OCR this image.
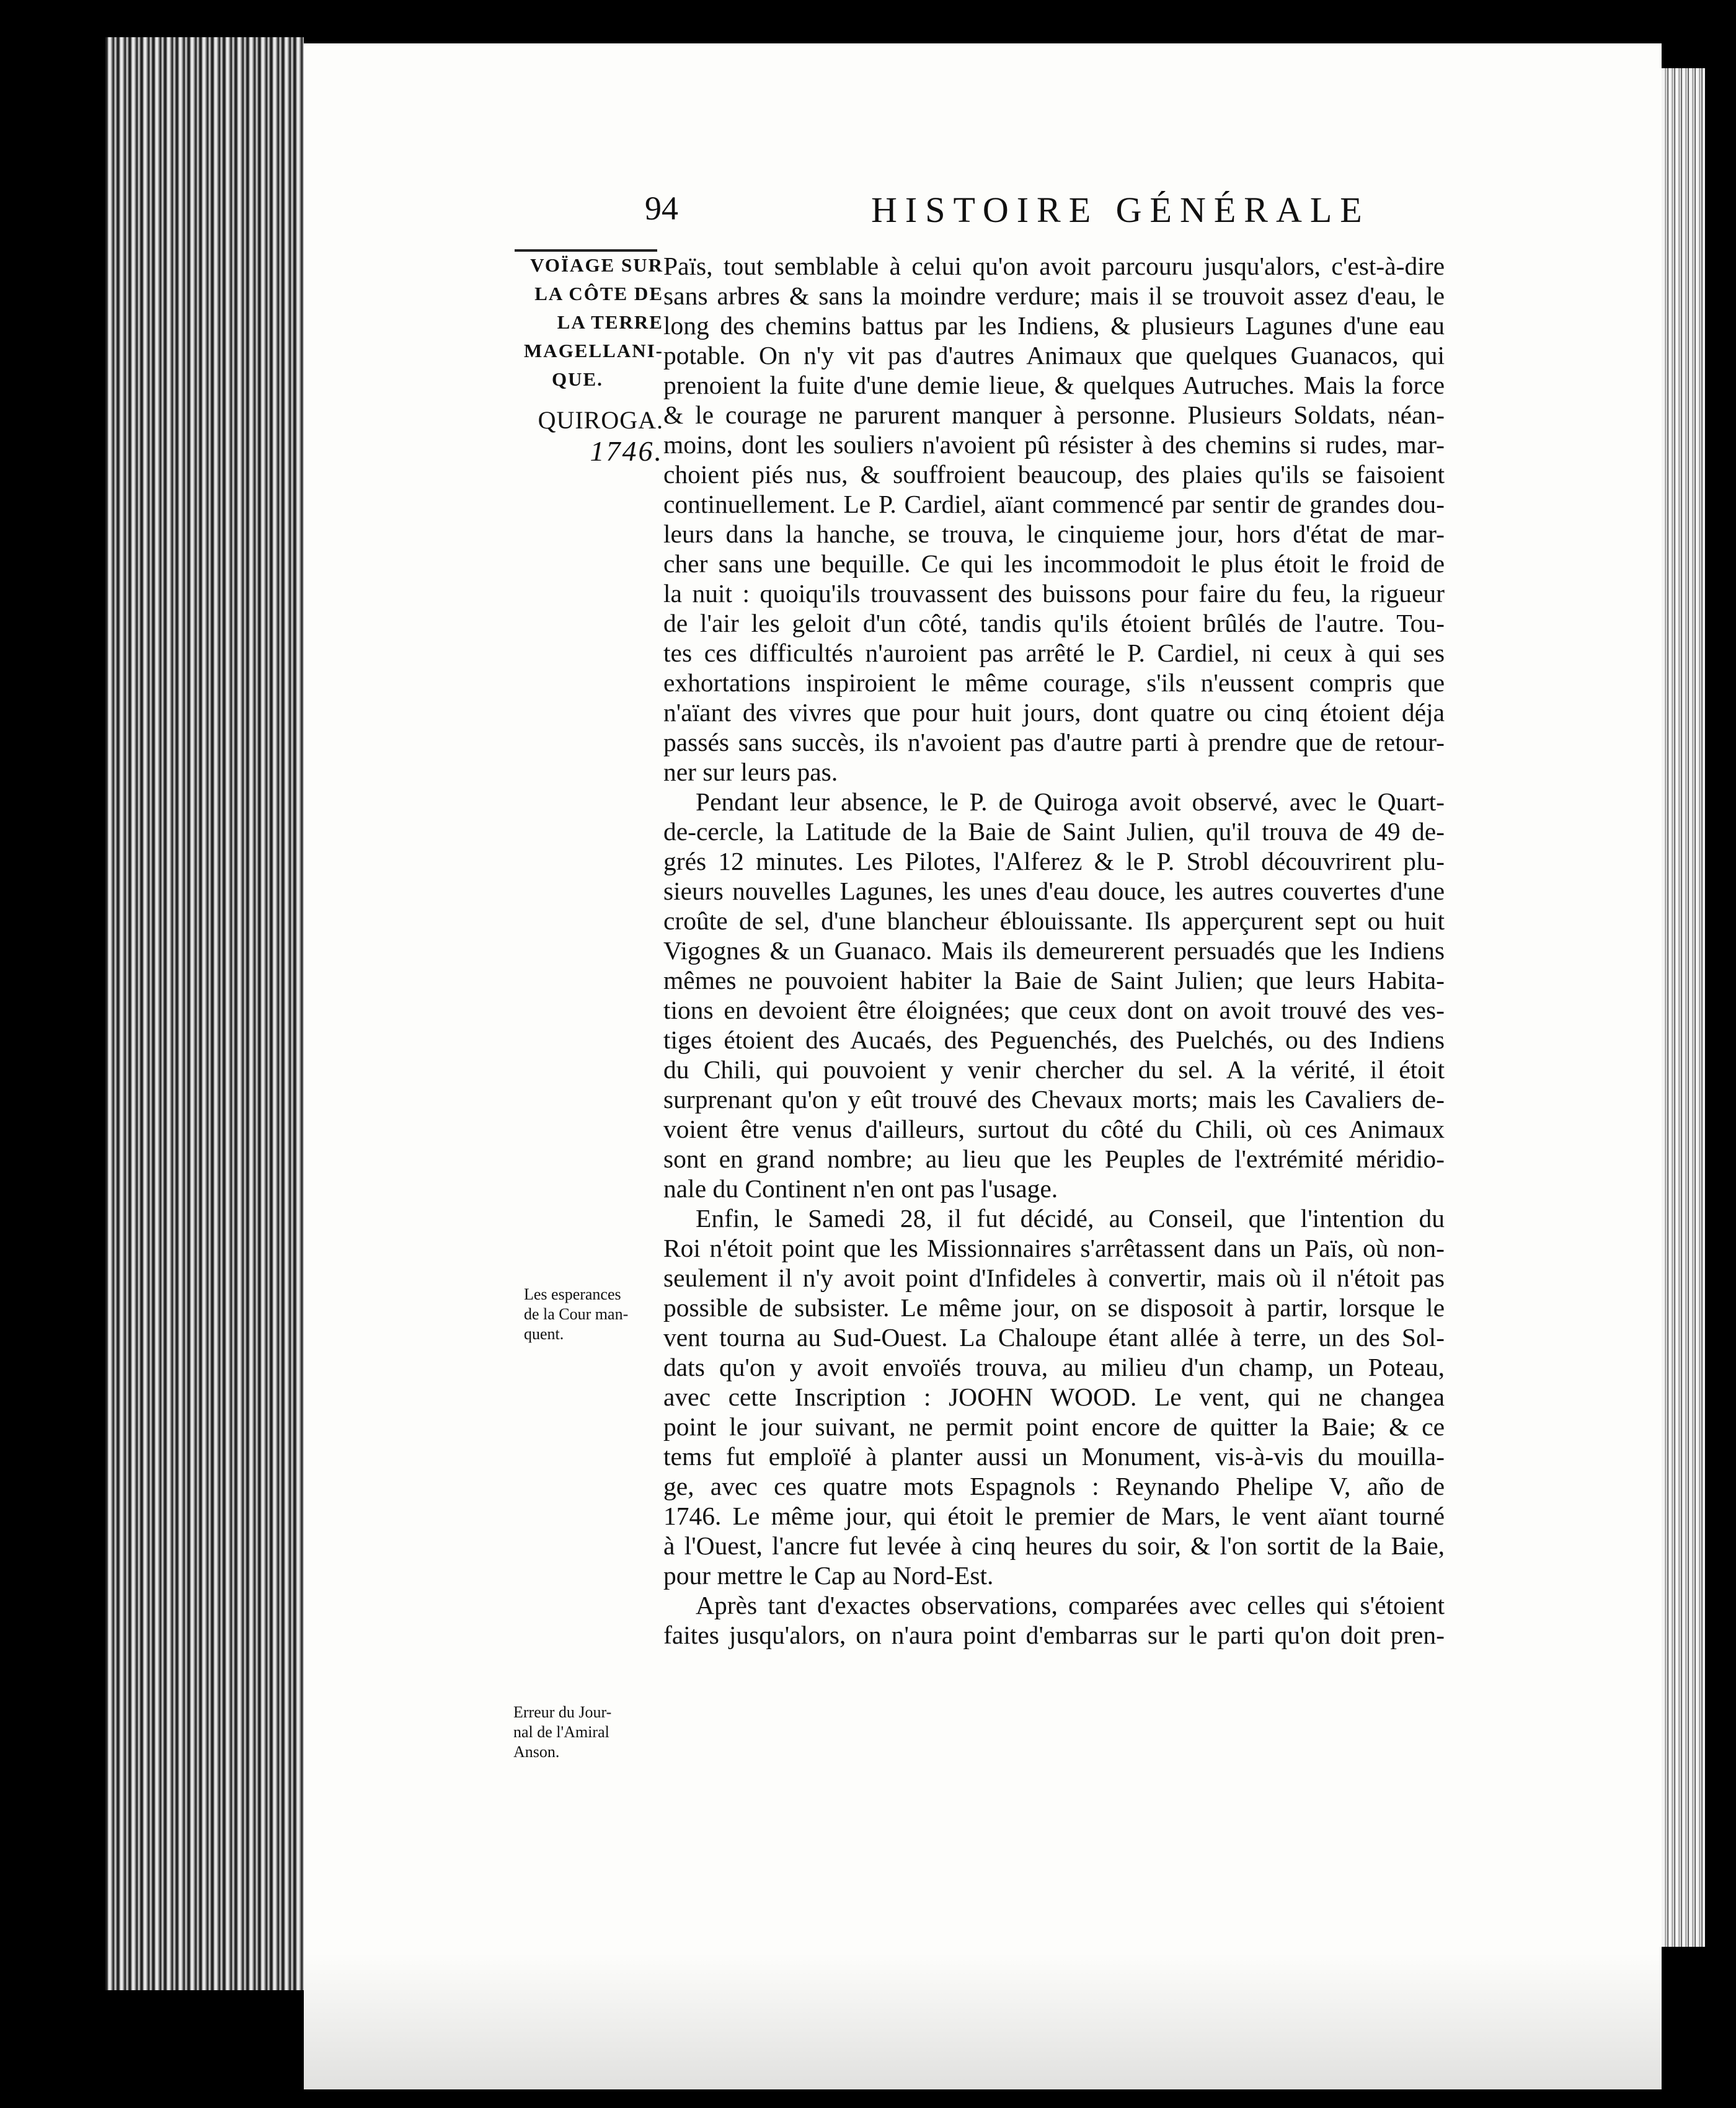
94	HISTOIRE GÉNÉRALE
VOÏAGE SUR
LA CÔTE DE
LA TERRE
MAGELLANI-
QUE.
QUIROGA.
1746.
Les esperances
de la Cour man-
quent.
Erreur du Jour-
nal de l'Amiral
Anson.
Païs, tout semblable à celui qu'on avoit parcouru jusqu'alors, c'est-à-dire
sans arbres & sans la moindre verdure; mais il se trouvoit assez d'eau, le
long des chemins battus par les Indiens, & plusieurs Lagunes d'une eau
potable. On n'y vit pas d'autres Animaux que quelques Guanacos, qui
prenoient la fuite d'une demie lieue, & quelques Autruches. Mais la force
& le courage ne parurent manquer à personne. Plusieurs Soldats, néan-
moins, dont les souliers n'avoient pû résister à des chemins si rudes, mar-
choient piés nus, & souffroient beaucoup, des plaies qu'ils se faisoient
continuellement. Le P. Cardiel, aïant commencé par sentir de grandes dou-
leurs dans la hanche, se trouva, le cinquieme jour, hors d'état de mar-
cher sans une bequille. Ce qui les incommodoit le plus étoit le froid de
la nuit : quoiqu'ils trouvassent des buissons pour faire du feu, la rigueur
de l'air les geloit d'un côté, tandis qu'ils étoient brûlés de l'autre. Tou-
tes ces difficultés n'auroient pas arrêté le P. Cardiel, ni ceux à qui ses
exhortations inspiroient le même courage, s'ils n'eussent compris que
n'aïant des vivres que pour huit jours, dont quatre ou cinq étoient déja
passés sans succès, ils n'avoient pas d'autre parti à prendre que de retour-
ner sur leurs pas.
Pendant leur absence, le P. de Quiroga avoit observé, avec le Quart-
de-cercle, la Latitude de la Baie de Saint Julien, qu'il trouva de 49 de-
grés 12 minutes. Les Pilotes, l'Alferez & le P. Strobl découvrirent plu-
sieurs nouvelles Lagunes, les unes d'eau douce, les autres couvertes d'une
croûte de sel, d'une blancheur éblouissante. Ils apperçurent sept ou huit
Vigognes & un Guanaco. Mais ils demeurerent persuadés que les Indiens
mêmes ne pouvoient habiter la Baie de Saint Julien; que leurs Habita-
tions en devoient être éloignées; que ceux dont on avoit trouvé des ves-
tiges étoient des Aucaés, des Peguenchés, des Puelchés, ou des Indiens
du Chili, qui pouvoient y venir chercher du sel. A la vérité, il étoit
surprenant qu'on y eût trouvé des Chevaux morts; mais les Cavaliers de-
voient être venus d'ailleurs, surtout du côté du Chili, où ces Animaux
sont en grand nombre; au lieu que les Peuples de l'extrémité méridio-
nale du Continent n'en ont pas l'usage.
Enfin, le Samedi 28, il fut décidé, au Conseil, que l'intention du
Roi n'étoit point que les Missionnaires s'arrêtassent dans un Païs, où non-
seulement il n'y avoit point d'Infideles à convertir, mais où il n'étoit pas
possible de subsister. Le même jour, on se disposoit à partir, lorsque le
vent tourna au Sud-Ouest. La Chaloupe étant allée à terre, un des Sol-
dats qu'on y avoit envoïés trouva, au milieu d'un champ, un Poteau,
avec cette Inscription : JOOHN WOOD. Le vent, qui ne changea
point le jour suivant, ne permit point encore de quitter la Baie; & ce
tems fut emploïé à planter aussi un Monument, vis-à-vis du mouilla-
ge, avec ces quatre mots Espagnols : Reynando Phelipe V, año de
1746. Le même jour, qui étoit le premier de Mars, le vent aïant tourné
à l'Ouest, l'ancre fut levée à cinq heures du soir, & l'on sortit de la Baie,
pour mettre le Cap au Nord-Est.
Après tant d'exactes observations, comparées avec celles qui s'étoient
faites jusqu'alors, on n'aura point d'embarras sur le parti qu'on doit pren-
